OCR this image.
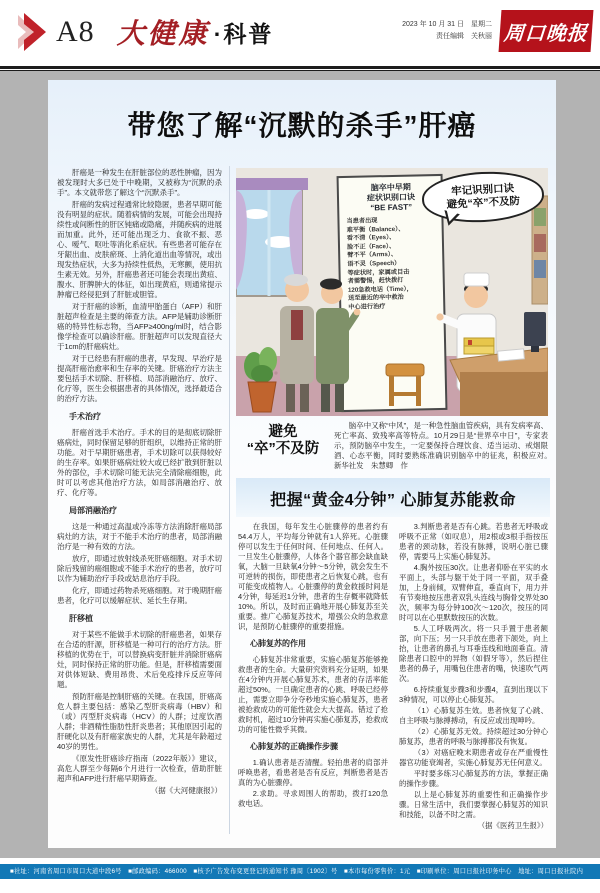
A8 大健康 ·科普	2023 年 10 月 31 日　星期二
责任编辑　关秋丽 周口晚报
带您了解“沉默的杀手”肝癌

肝癌是一种发生在肝脏部位的恶性肿瘤，因为被发现时大多已处于中晚期，又被称为“沉默的杀手”。本文就带您了解这个“沉默杀手”。

肝癌的发病过程通常比较隐匿，患者早期可能没有明显的症状。随着病情的发展，可能会出现持续性或间断性的肝区钝痛或隐痛，并随疾病的进展而加重。此外，还可能出现乏力、食欲不振、恶心、嗳气、呕吐等消化系症状。有些患者可能存在牙龈出血、皮肤瘀斑、上消化道出血等情况，或出现发热症状，大多为持续性低热，无寒颤，使用抗生素无效。另外，肝癌患者还可能会表现出黄疸、腹水、肝脾肿大的体征，如出现黄疸，则通常提示肿瘤已经侵犯到了肝脏或胆管。

对于肝癌的诊断，血清甲胎蛋白（AFP）和肝脏超声检查是主要的筛查方法。AFP是辅助诊断肝癌的特异性标志物，当AFP≥400ng/ml时，结合影像学检查可以确诊肝癌。肝脏超声可以发现直径大于1cm的肝癌病灶。

对于已经患有肝癌的患者，早发现、早治疗是提高肝癌治愈率和生存率的关键。肝癌治疗方法主要包括手术切除、肝移植、局部消融治疗、放疗、化疗等，医生会根据患者的具体情况，选择最适合的治疗方法。

手术治疗

肝癌首选手术治疗。手术的目的是彻底切除肝癌病灶，同时保留足够的肝组织，以维持正常的肝功能。对于早期肝癌患者，手术切除可以获得较好的生存率。如果肝癌病灶较大或已经扩散到肝脏以外的部位，手术切除可能无法完全清除癌细胞，此时可以考虑其他治疗方法，如局部消融治疗、放疗、化疗等。

局部消融治疗

这是一种通过高温或冷冻等方法消除肝癌局部病灶的方法，对于不能手术治疗的患者，局部消融治疗是一种有效的方法。

放疗，即通过放射线杀死肝癌细胞。对手术切除后残留的癌细胞或不能手术治疗的患者，放疗可以作为辅助治疗手段或姑息治疗手段。

化疗，即通过药物杀死癌细胞。对于晚期肝癌患者，化疗可以缓解症状、延长生存期。

肝移植

对于某些不能做手术切除的肝癌患者，如果存在合适的肝源，肝移植是一种可行的治疗方法。肝移植的优势在于，可以替换病变肝脏并消除肝癌病灶，同时保持正常的肝功能。但是，肝移植需要面对供体短缺、费用昂贵、术后免疫排斥反应等问题。

预防肝癌是控制肝癌的关键。在我国，肝癌高危人群主要包括：感染乙型肝炎病毒（HBV）和（或）丙型肝炎病毒（HCV）的人群；过度饮酒人群；非酒精性脂肪性肝炎患者；其他原因引起的肝硬化以及有肝癌家族史的人群，尤其是年龄超过40岁的男性。

《原发性肝癌诊疗指南（2022年版）》建议，高危人群至少每隔6个月进行一次检查，借助肝脏超声和AFP进行肝癌早期筛查。

（据《大河健康报》）

脑卒中早期
症状识别口诀
“BE FAST”
当患者出现
难平衡（Balance）、
看不清（Eyes）、
脸不正（Face）、
臂不平（Arms）、
语不灵（Speech）
等症状时，家属或目击
者需警惕，赶快拨打
120急救电话（Time），
送至最近的卒中救治
中心进行治疗
牢记识别口诀
避免“卒”不及防
避免
“卒”不及防
脑卒中又称“中风”，是一种急性脑血管疾病，具有发病率高、死亡率高、致残率高等特点。10月29日是“世界卒中日”，专家表示，预防脑卒中发生，一定要保持合理饮食、适当运动、戒烟限酒、心态平衡，同时要熟练准确识别脑卒中的征兆，积极应对。　新华社发　朱慧卿　作
把握“黄金4分钟” 心肺复苏能救命

在我国，每年发生心脏骤停的患者约有54.4万人，平均每分钟就有1人猝死。心脏骤停可以发生于任何时间、任何地点、任何人。一旦发生心脏骤停，人体各个器官都会缺血缺氧，大脑一旦缺氧4分钟～5分钟，就会发生不可逆转的损伤，即使患者之后恢复心跳，也有可能变成植物人。心脏骤停的黄金救援时间是4分钟，每延迟1分钟，患者的生存概率就降低10%。所以，及时而正确地开展心肺复苏至关重要。推广心肺复苏技术，增强公众的急救意识，是预防心脏骤停的重要措施。

心肺复苏的作用

心肺复苏非常重要，实施心肺复苏能够挽救患者的生命。大量研究资料充分证明，如果在4分钟内开展心肺复苏术，患者的存活率能超过50%。一旦确定患者的心跳、呼吸已经停止，需要立即争分夺秒地实施心肺复苏，患者被抢救成功的可能性就会大大提高。错过了抢救时机，超过10分钟再实施心肺复苏，抢救成功的可能性微乎其微。

心肺复苏的正确操作步骤

1.确认患者是否清醒。轻拍患者的肩部并呼唤患者，看患者是否有反应，判断患者是否真的为心脏骤停。

2.求助。寻求周围人的帮助，拨打120急救电话。

3.判断患者是否有心跳。若患者无呼吸或呼吸不正常（如叹息），用2根或3根手指按压患者的颈动脉，若没有脉搏，说明心脏已骤停，需要马上实施心肺复苏。

4.胸外按压30次。让患者仰卧在平实的水平面上，头部与躯干处于同一平面，双手叠加，上身前倾，双臂伸直，垂直向下，用力并有节奏地按压患者双乳头连线与胸骨交界处30次，频率为每分钟100次～120次，按压的同时可以在心里默数按压的次数。

5.人工呼吸两次。将一只手置于患者额部，向下压；另一只手放在患者下颌处，向上抬，让患者的鼻孔与耳垂连线和地面垂直。清除患者口腔中的异物（如假牙等），然后捏住患者的鼻子，用嘴包住患者的嘴，快速吹气两次。

6.持续重复步骤3和步骤4，直到出现以下3种情况，可以停止心肺复苏。

（1）心肺复苏生效。患者恢复了心跳、自主呼吸与脉搏搏动，有反应或出现呻吟。

（2）心肺复苏无效。持续超过30分钟心肺复苏，患者的呼吸与脉搏都没有恢复。

（3）对癌症晚末期患者或存在严重慢性器官功能衰竭者，实施心肺复苏无任何意义。

平时要多练习心肺复苏的方法，掌握正确的操作步骤。

以上是心肺复苏的重要性和正确操作步骤。日常生活中，我们要掌握心肺复苏的知识和技能，以备不时之需。

（据《医药卫生报》）

■社址：河南省周口市周口大道中段6号　■邮政编码：466000　■核予广告发布变更登记的通知书 豫周〔1902〕号　■本市每份零售价：1元　■印刷单位：周口日报社印务中心　地址：周口日报社院内
